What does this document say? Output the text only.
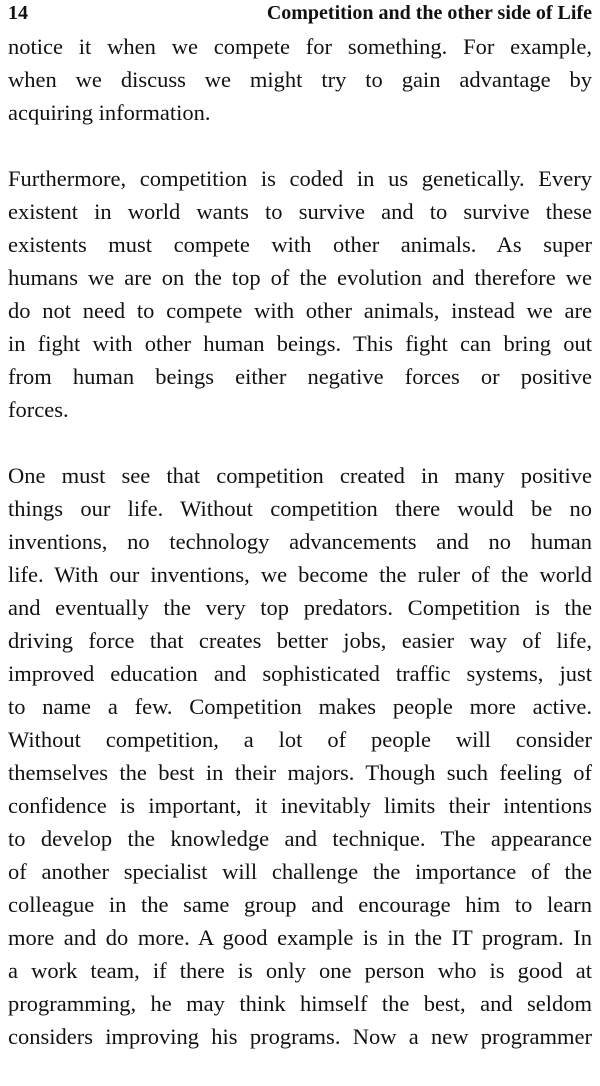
14	Competition and the other side of Life
notice it when we compete for something. For example,
when we discuss we might try to gain advantage by
acquiring information.
Furthermore, competition is coded in us genetically. Every
existent in world wants to survive and to survive these
existents must compete with other animals. As super
humans we are on the top of the evolution and therefore we
do not need to compete with other animals, instead we are
in fight with other human beings. This fight can bring out
from human beings either negative forces or positive
forces.
One must see that competition created in many positive
things our life. Without competition there would be no
inventions, no technology advancements and no human
life. With our inventions, we become the ruler of the world
and eventually the very top predators. Competition is the
driving force that creates better jobs, easier way of life,
improved education and sophisticated traffic systems, just
to name a few. Competition makes people more active.
Without competition, a lot of people will consider
themselves the best in their majors. Though such feeling of
confidence is important, it inevitably limits their intentions
to develop the knowledge and technique. The appearance
of another specialist will challenge the importance of the
colleague in the same group and encourage him to learn
more and do more. A good example is in the IT program. In
a work team, if there is only one person who is good at
programming, he may think himself the best, and seldom
considers improving his programs. Now a new programmer
